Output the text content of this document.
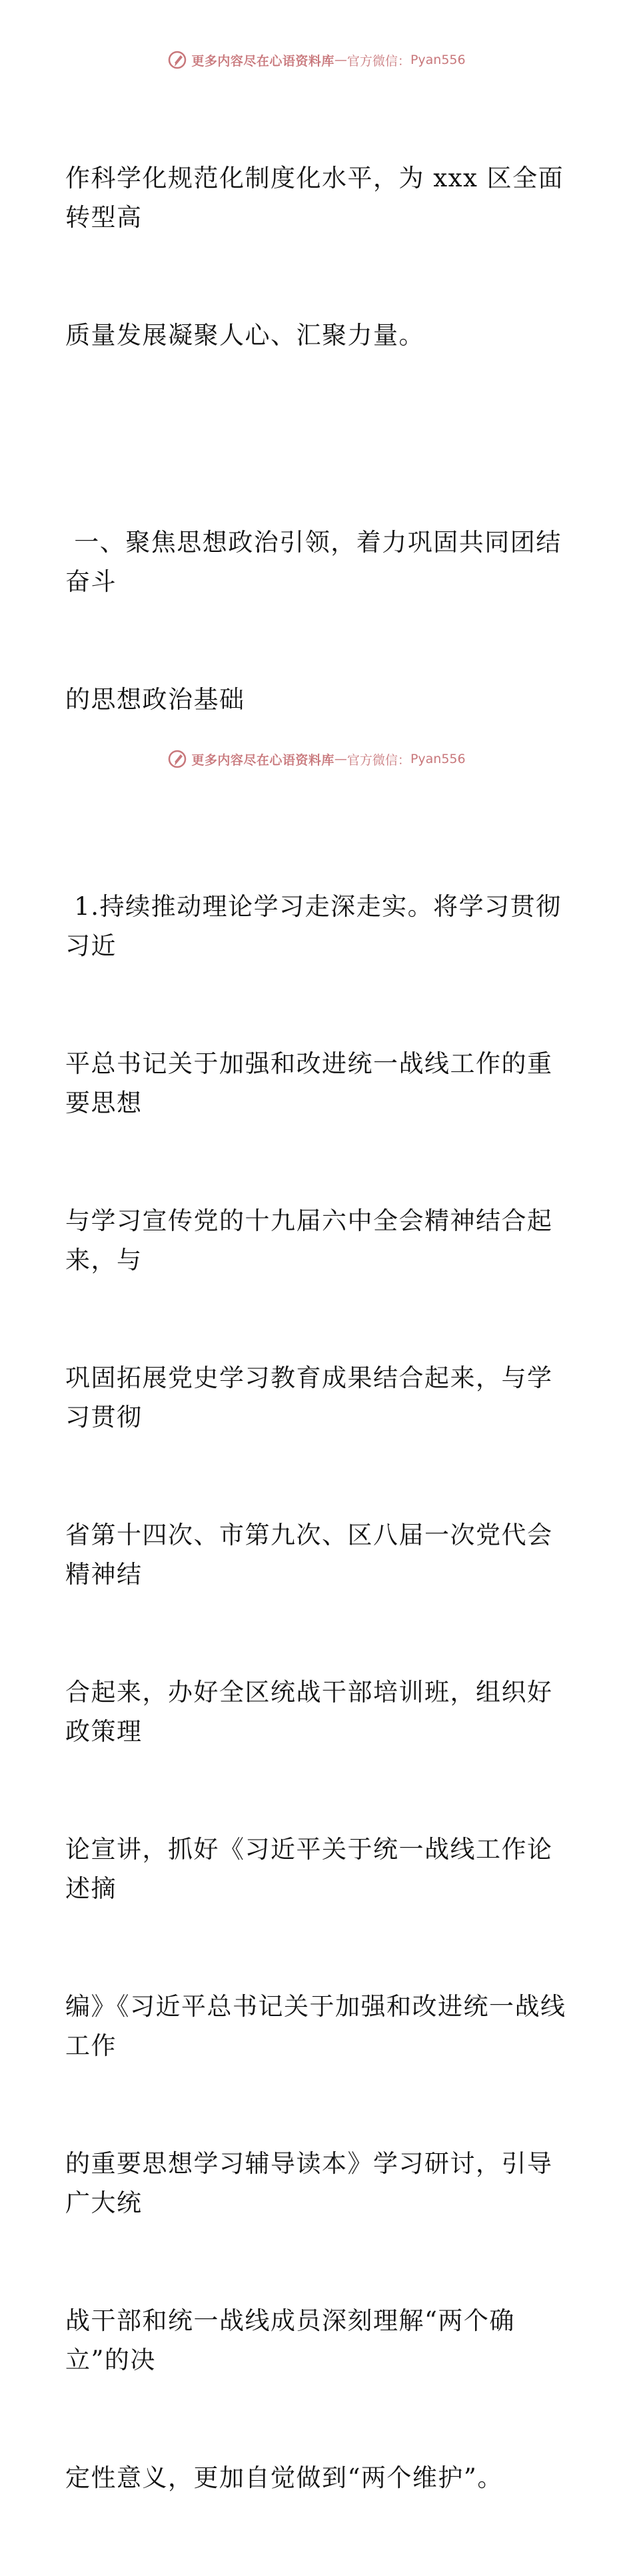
更多内容尽在心语资料库 — 官方微信： Pyan556

作科学化规范化制度化水平，为 xxx 区全面转型高

质量发展凝聚人心、汇聚力量。

一、聚焦思想政治引领，着力巩固共同团结奋斗

的思想政治基础

1.持续推动理论学习走深走实。将学习贯彻习近

平总书记关于加强和改进统一战线工作的重要思想

与学习宣传党的十九届六中全会精神结合起来，与

巩固拓展党史学习教育成果结合起来，与学习贯彻

省第十四次、市第九次、区八届一次党代会精神结

合起来，办好全区统战干部培训班，组织好政策理

论宣讲，抓好《习近平关于统一战线工作论述摘

编》《习近平总书记关于加强和改进统一战线工作

的重要思想学习辅导读本》学习研讨，引导广大统

战干部和统一战线成员深刻理解“两个确立”的决

定性意义，更加自觉做到“两个维护”。

更多内容尽在心语资料库 — 官方微信： Pyan556
